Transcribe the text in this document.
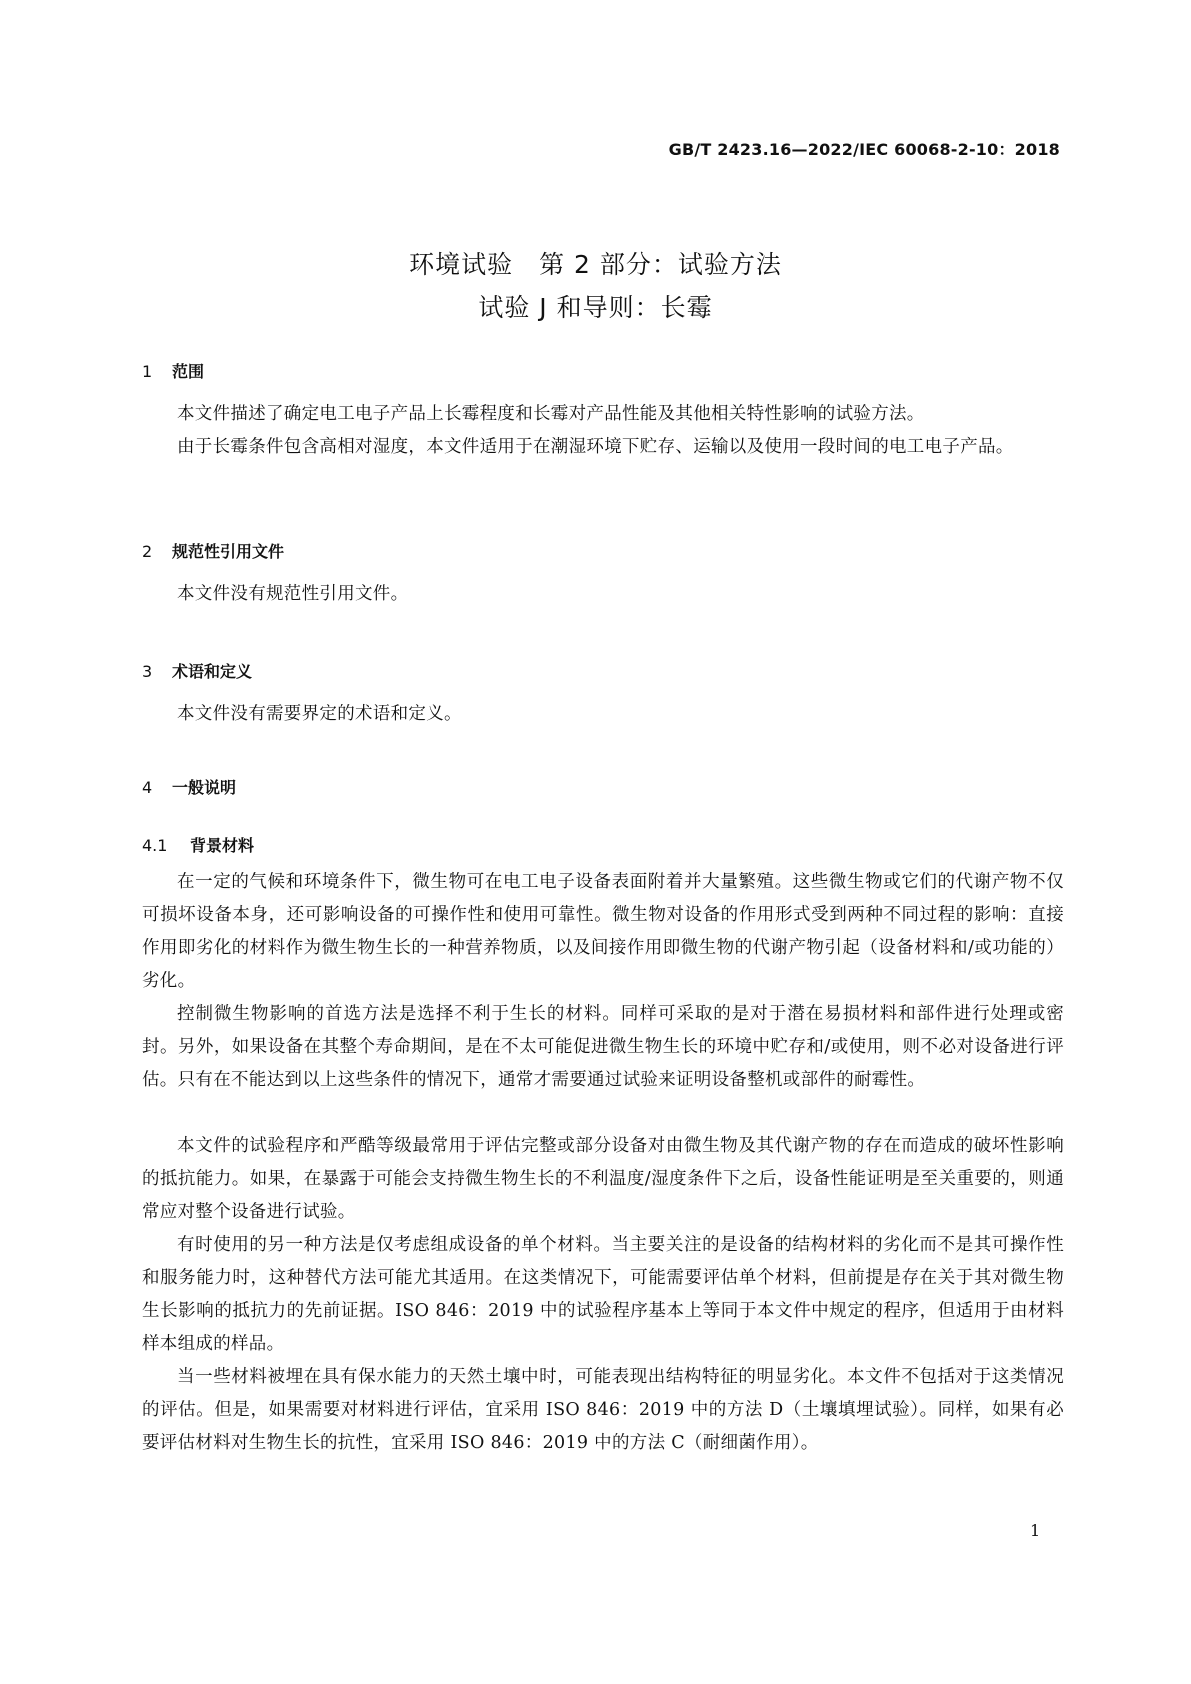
GB/T 2423.16—2022/IEC 60068-2-10：2018
环境试验　第 2 部分：试验方法
试验 J 和导则：长霉
1 范围

本文件描述了确定电工电子产品上长霉程度和长霉对产品性能及其他相关特性影响的试验方法。

由于长霉条件包含高相对湿度，本文件适用于在潮湿环境下贮存、运输以及使用一段时间的电工电子产品。

2 规范性引用文件

本文件没有规范性引用文件。

3 术语和定义

本文件没有需要界定的术语和定义。

4 一般说明
4.1 背景材料

在一定的气候和环境条件下，微生物可在电工电子设备表面附着并大量繁殖。这些微生物或它们的代谢产物不仅可损坏设备本身，还可影响设备的可操作性和使用可靠性。微生物对设备的作用形式受到两种不同过程的影响：直接作用即劣化的材料作为微生物生长的一种营养物质，以及间接作用即微生物的代谢产物引起（设备材料和/或功能的）劣化。

控制微生物影响的首选方法是选择不利于生长的材料。同样可采取的是对于潜在易损材料和部件进行处理或密封。另外，如果设备在其整个寿命期间，是在不太可能促进微生物生长的环境中贮存和/或使用，则不必对设备进行评估。只有在不能达到以上这些条件的情况下，通常才需要通过试验来证明设备整机或部件的耐霉性。

本文件的试验程序和严酷等级最常用于评估完整或部分设备对由微生物及其代谢产物的存在而造成的破坏性影响的抵抗能力。如果，在暴露于可能会支持微生物生长的不利温度/湿度条件下之后，设备性能证明是至关重要的，则通常应对整个设备进行试验。

有时使用的另一种方法是仅考虑组成设备的单个材料。当主要关注的是设备的结构材料的劣化而不是其可操作性和服务能力时，这种替代方法可能尤其适用。在这类情况下，可能需要评估单个材料，但前提是存在关于其对微生物生长影响的抵抗力的先前证据。ISO 846：2019 中的试验程序基本上等同于本文件中规定的程序，但适用于由材料样本组成的样品。

当一些材料被埋在具有保水能力的天然土壤中时，可能表现出结构特征的明显劣化。本文件不包括对于这类情况的评估。但是，如果需要对材料进行评估，宜采用 ISO 846：2019 中的方法 D（土壤填埋试验）。同样，如果有必要评估材料对生物生长的抗性，宜采用 ISO 846：2019 中的方法 C（耐细菌作用）。

1
